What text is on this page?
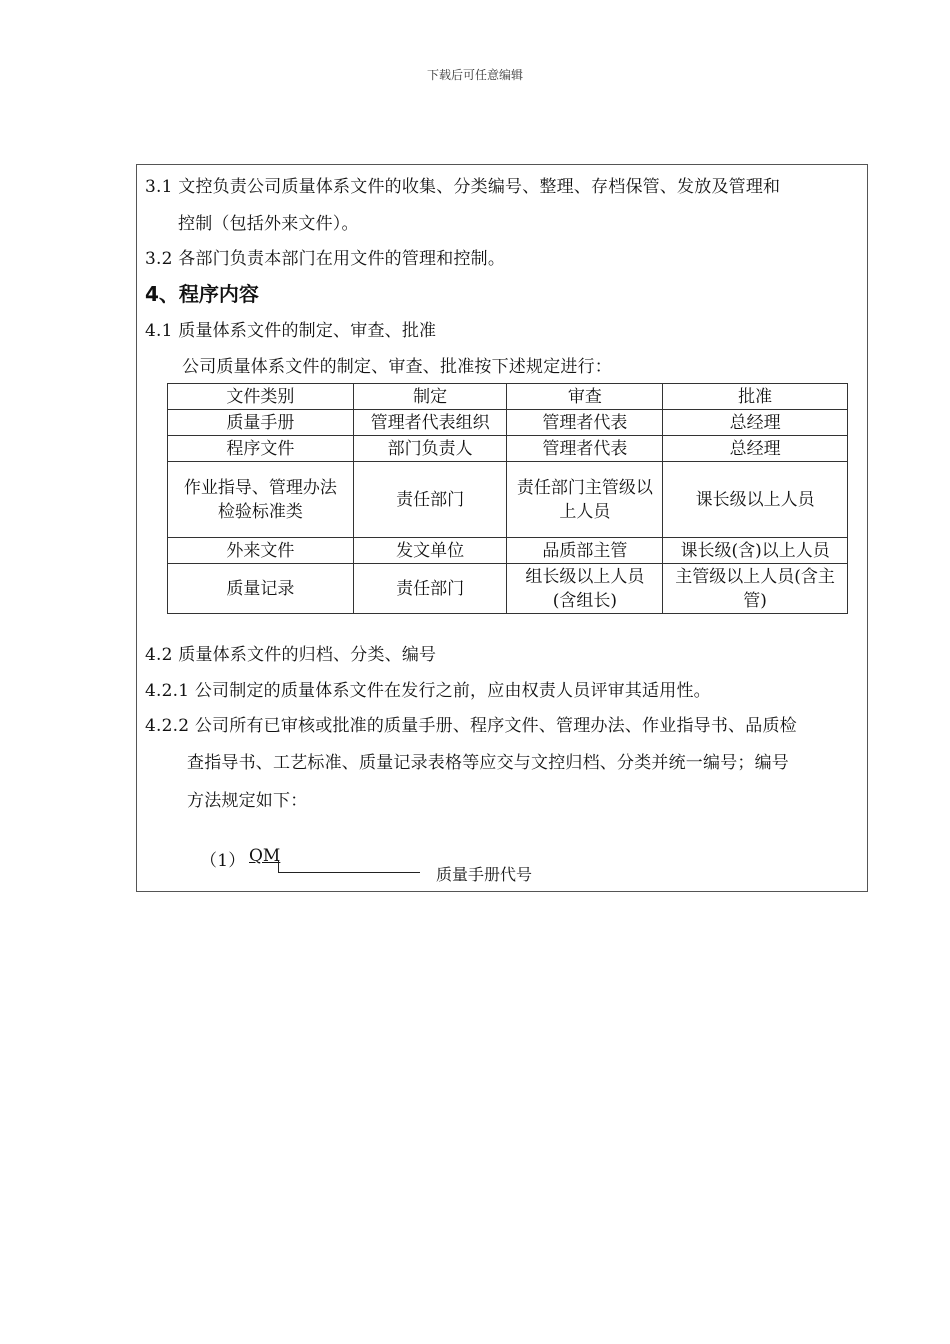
下载后可任意编辑
3.1 文控负责公司质量体系文件的收集、分类编号、整理、存档保管、发放及管理和
控制（包括外来文件）。
3.2 各部门负责本部门在用文件的管理和控制。
4、程序内容
4.1 质量体系文件的制定、审查、批准
公司质量体系文件的制定、审查、批准按下述规定进行：
文件类别	制定	审查	批准
质量手册	管理者代表组织	管理者代表	总经理
程序文件	部门负责人	管理者代表	总经理
作业指导、管理办法
检验标准类	责任部门	责任部门主管级以上人员	课长级以上人员
外来文件	发文单位	品质部主管	课长级(含)以上人员
质量记录	责任部门	组长级以上人员(含组长)	主管级以上人员(含主管)
4.2 质量体系文件的归档、分类、编号
4.2.1 公司制定的质量体系文件在发行之前，应由权责人员评审其适用性。
4.2.2 公司所有已审核或批准的质量手册、程序文件、管理办法、作业指导书、品质检
查指导书、工艺标准、质量记录表格等应交与文控归档、分类并统一编号；编号
方法规定如下：
（1） QM
质量手册代号
